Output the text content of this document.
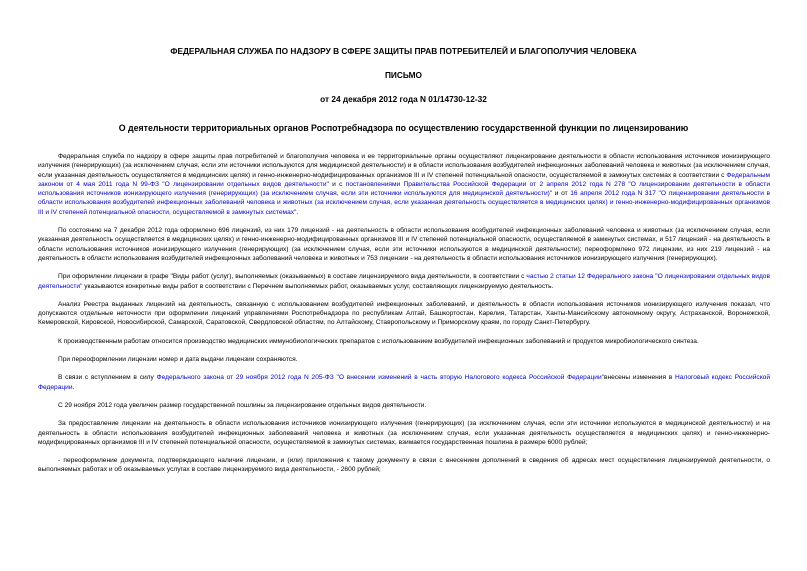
ФЕДЕРАЛЬНАЯ СЛУЖБА ПО НАДЗОРУ В СФЕРЕ ЗАЩИТЫ ПРАВ ПОТРЕБИТЕЛЕЙ И БЛАГОПОЛУЧИЯ ЧЕЛОВЕКА
ПИСЬМО
от 24 декабря 2012 года N 01/14730-12-32
О деятельности территориальных органов Роспотребнадзора по осуществлению государственной функции по лицензированию

Федеральная служба по надзору в сфере защиты прав потребителей и благополучия человека и ее территориальные органы осуществляют лицензирование деятельности в области использования источников ионизирующего излучения (генерирующих) (за исключением случая, если эти источники используются для медицинской деятельности) и в области использования возбудителей инфекционных заболеваний человека и животных (за исключением случая, если указанная деятельность осуществляется в медицинских целях) и генно-инженерно-модифицированных организмов III и IV степеней потенциальной опасности, осуществляемой в замкнутых системах в соответствии с Федеральным законом от 4 мая 2011 года N 99-ФЗ "О лицензировании отдельных видов деятельности" и с постановлениями Правительства Российской Федерации от 2 апреля 2012 года N 278 "О лицензировании деятельности в области использования источников ионизирующего излучения (генерирующих) (за исключением случая, если эти источники используются для медицинской деятельности)" и от 16 апреля 2012 года N 317 "О лицензировании деятельности в области использования возбудителей инфекционных заболеваний человека и животных (за исключением случая, если указанная деятельность осуществляется в медицинских целях) и генно-инженерно-модифицированных организмов III и IV степеней потенциальной опасности, осуществляемой в замкнутых системах".

По состоянию на 7 декабря 2012 года оформлено 696 лицензий, из них 179 лицензий - на деятельность в области использования возбудителей инфекционных заболеваний человека и животных (за исключением случая, если указанная деятельность осуществляется в медицинских целях) и генно-инженерно-модифицированных организмов III и IV степеней потенциальной опасности, осуществляемой в замкнутых системах, и 517 лицензий - на деятельность в области использования источников ионизирующего излучения (генерирующих) (за исключением случая, если эти источники используются в медицинской деятельности); переоформлено 972 лицензии, из них 219 лицензий - на деятельность в области использования возбудителей инфекционных заболеваний человека и животных и 753 лицензии - на деятельность в области использования источников ионизирующего излучения (генерирующих).

При оформлении лицензии в графе "Виды работ (услуг), выполняемых (оказываемых) в составе лицензируемого вида деятельности, в соответствии с частью 2 статьи 12 Федерального закона "О лицензировании отдельных видов деятельности" указываются конкретные виды работ в соответствии с Перечнем выполняемых работ, оказываемых услуг, составляющих лицензируемую деятельность.

Анализ Реестра выданных лицензий на деятельность, связанную с использованием возбудителей инфекционных заболеваний, и деятельность в области использования источников ионизирующего излучения показал, что допускаются отдельные неточности при оформлении лицензий управлениями Роспотребнадзора по республикам Алтай, Башкортостан, Карелия, Татарстан, Ханты-Мансийскому автономному округу, Астраханской, Воронежской, Кемеровской, Кировской, Новосибирской, Самарской, Саратовской, Свердловской областям, по Алтайскому, Ставропольскому и Приморскому краям, по городу Санкт-Петербургу.

К производственным работам относится производство медицинских иммунобиологических препаратов с использованием возбудителей инфекционных заболеваний и продуктов микробиологического синтеза.

При переоформлении лицензии номер и дата выдачи лицензии сохраняются.

В связи с вступлением в силу Федерального закона от 29 ноября 2012 года N 205-ФЗ "О внесении изменений в часть вторую Налогового кодекса Российской Федерации"внесены изменения в Налоговый кодекс Российской Федерации.

С 29 ноября 2012 года увеличен размер государственной пошлины за лицензирование отдельных видов деятельности.

За предоставление лицензии на деятельность в области использования источников ионизирующего излучения (генерирующих) (за исключением случая, если эти источники используются в медицинской деятельности) и на деятельность в области использования возбудителей инфекционных заболеваний человека и животных (за исключением случая, если указанная деятельность осуществляется в медицинских целях) и генно-инженерно-модифицированных организмов III и IV степеней потенциальной опасности, осуществляемой в замкнутых системах, взимается государственная пошлина в размере 6000 рублей;

- переоформление документа, подтверждающего наличие лицензии, и (или) приложения к такому документу в связи с внесением дополнений в сведения об адресах мест осуществления лицензируемой деятельности, о выполняемых работах и об оказываемых услугах в составе лицензируемого вида деятельности, - 2600 рублей;
